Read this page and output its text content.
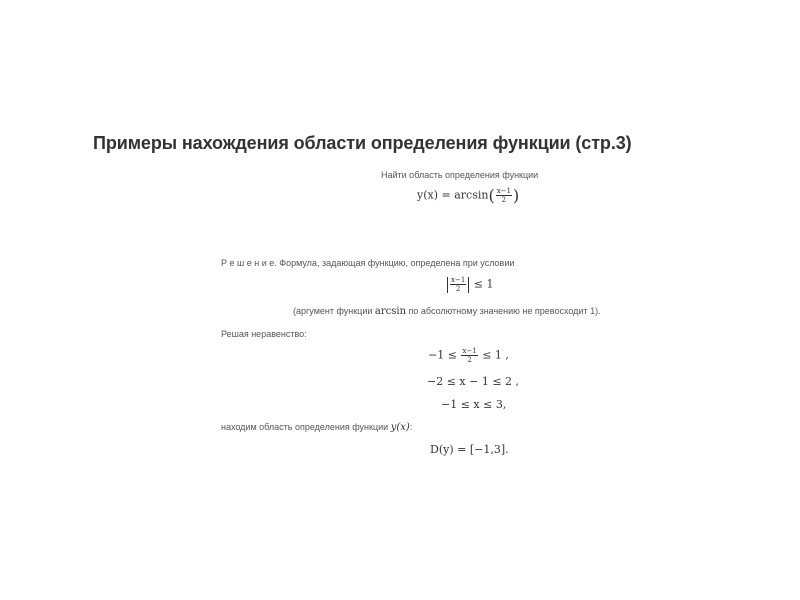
Примеры нахождения области определения функции (стр.3)
Найти область определения функции
$y(x) = \arcsin( \frac{x-1}{2}$ )
Р е ш е н и е. Формула, задающая функцию, определена при условии
$\frac{x-1}{2} \le 1$
(аргумент функции arcsin по абсолютному значению не превосходит 1).
Решая неравенство:
$-1 \le \frac{x-1}{2} \le 1$ ,
−2 ≤ x − 1 ≤ 2 ,
−1 ≤ x ≤ 3,
находим область определения функции y(x):
D(y) = [−1,3].
